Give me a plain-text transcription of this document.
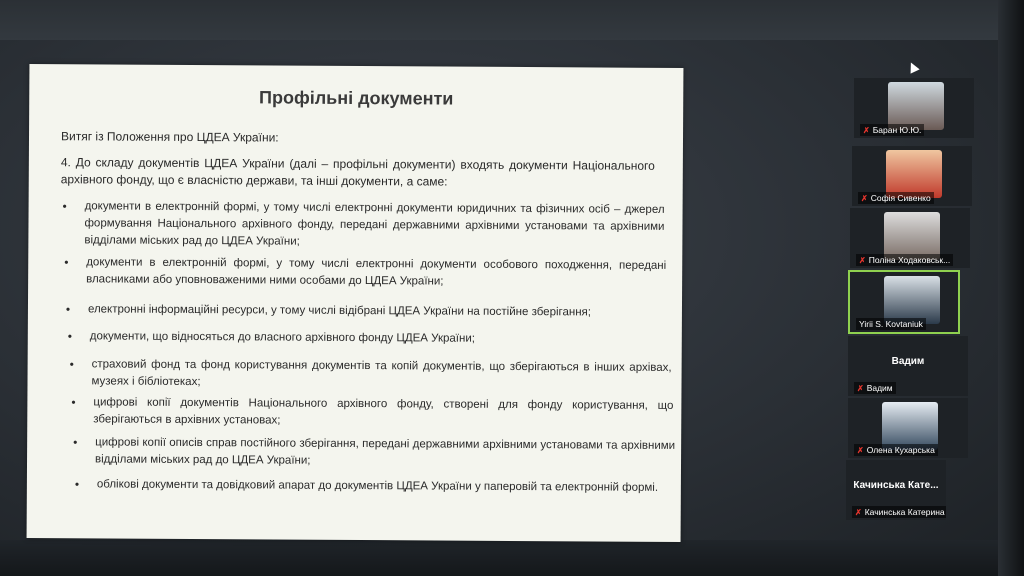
Профільні документи
Витяг із Положення про ЦДЕА України:
4. До складу документів ЦДЕА України (далі – профільні документи) входять документи Національного архівного фонду, що є власністю держави, та інші документи, а саме:
• документи в електронній формі, у тому числі електронні документи юридичних та фізичних осіб – джерел формування Національного архівного фонду, передані державними архівними установами та архівними відділами міських рад до ЦДЕА України;
• документи в електронній формі, у тому числі електронні документи особового походження, передані власниками або уповноваженими ними особами до ЦДЕА України;
• електронні інформаційні ресурси, у тому числі відібрані ЦДЕА України на постійне зберігання;
• документи, що відносяться до власного архівного фонду ЦДЕА України;
• страховий фонд та фонд користування документів та копій документів, що зберігаються в інших архівах, музеях і бібліотеках;
• цифрові копії документів Національного архівного фонду, створені для фонду користування, що зберігаються в архівних установах;
• цифрові копії описів справ постійного зберігання, передані державними архівними установами та архівними відділами міських рад до ЦДЕА України;
• облікові документи та довідковий апарат до документів ЦДЕА України у паперовій та електронній формі.
✗ Баран Ю.Ю.
✗ Софія Сивенко
✗ Поліна Ходаковськ...
Yirii S. Kovtaniuk
Вадим
✗ Вадим
✗ Олена Кухарська
Качинська Кате...
✗ Качинська Катерина
